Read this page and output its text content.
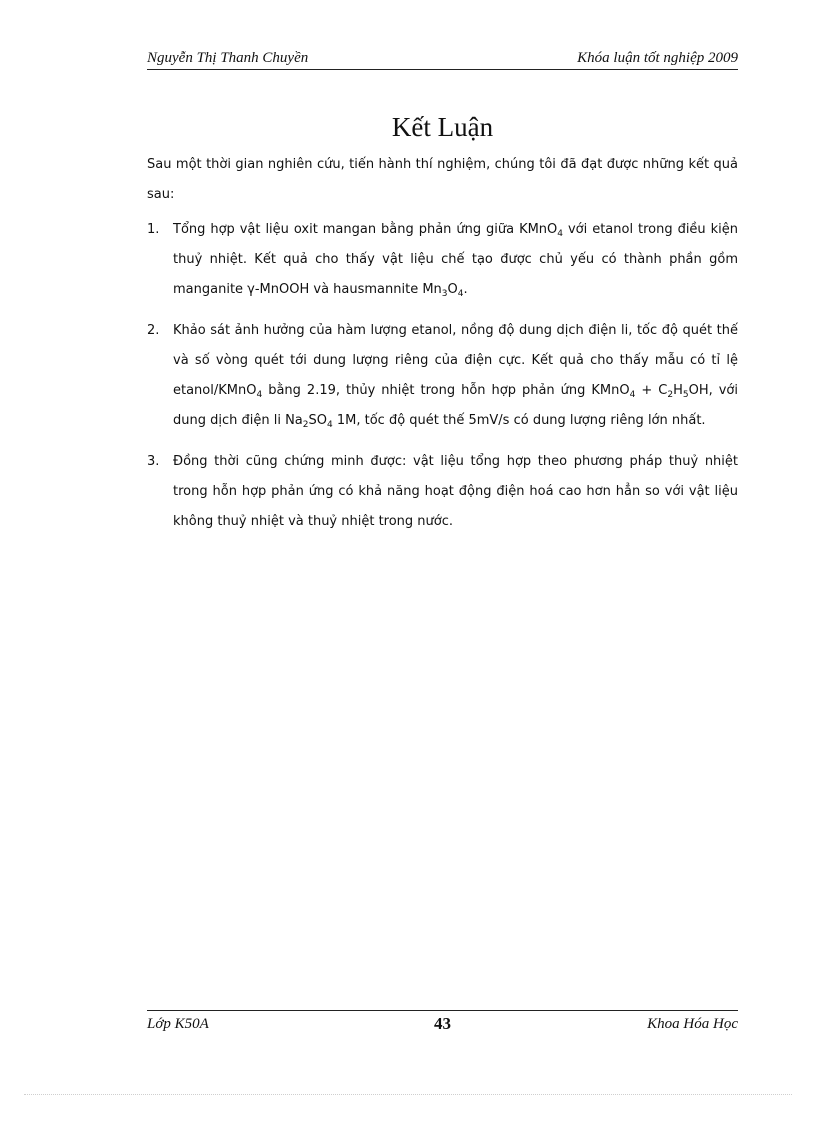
Nguyễn Thị Thanh Chuyền	Khóa luận tốt nghiệp 2009
Kết Luận
Sau một thời gian nghiên cứu, tiến hành thí nghiệm, chúng tôi đã đạt được những kết quả sau:
1. Tổng hợp vật liệu oxit mangan bằng phản ứng giữa KMnO$_4$ với etanol trong điều kiện thuỷ nhiệt. Kết quả cho thấy vật liệu chế tạo được chủ yếu có thành phần gồm manganite γ-MnOOH và hausmannite $Mn_3O_4$.
2. Khảo sát ảnh hưởng của hàm lượng etanol, nồng độ dung dịch điện li, tốc độ quét thế và số vòng quét tới dung lượng riêng của điện cực. Kết quả cho thấy mẫu có tỉ lệ etanol/KMnO$_4$ bằng 2.19, thủy nhiệt trong hỗn hợp phản ứng KMnO$_4$ + $C_2H_5OH$, với dung dịch điện li $Na_2SO_4$ 1M, tốc độ quét thế 5mV/s có dung lượng riêng lớn nhất.
3. Đồng thời cũng chứng minh được: vật liệu tổng hợp theo phương pháp thuỷ nhiệt trong hỗn hợp phản ứng có khả năng hoạt động điện hoá cao hơn hẳn so với vật liệu không thuỷ nhiệt và thuỷ nhiệt trong nước.
Lớp K50A	43	Khoa Hóa Học
